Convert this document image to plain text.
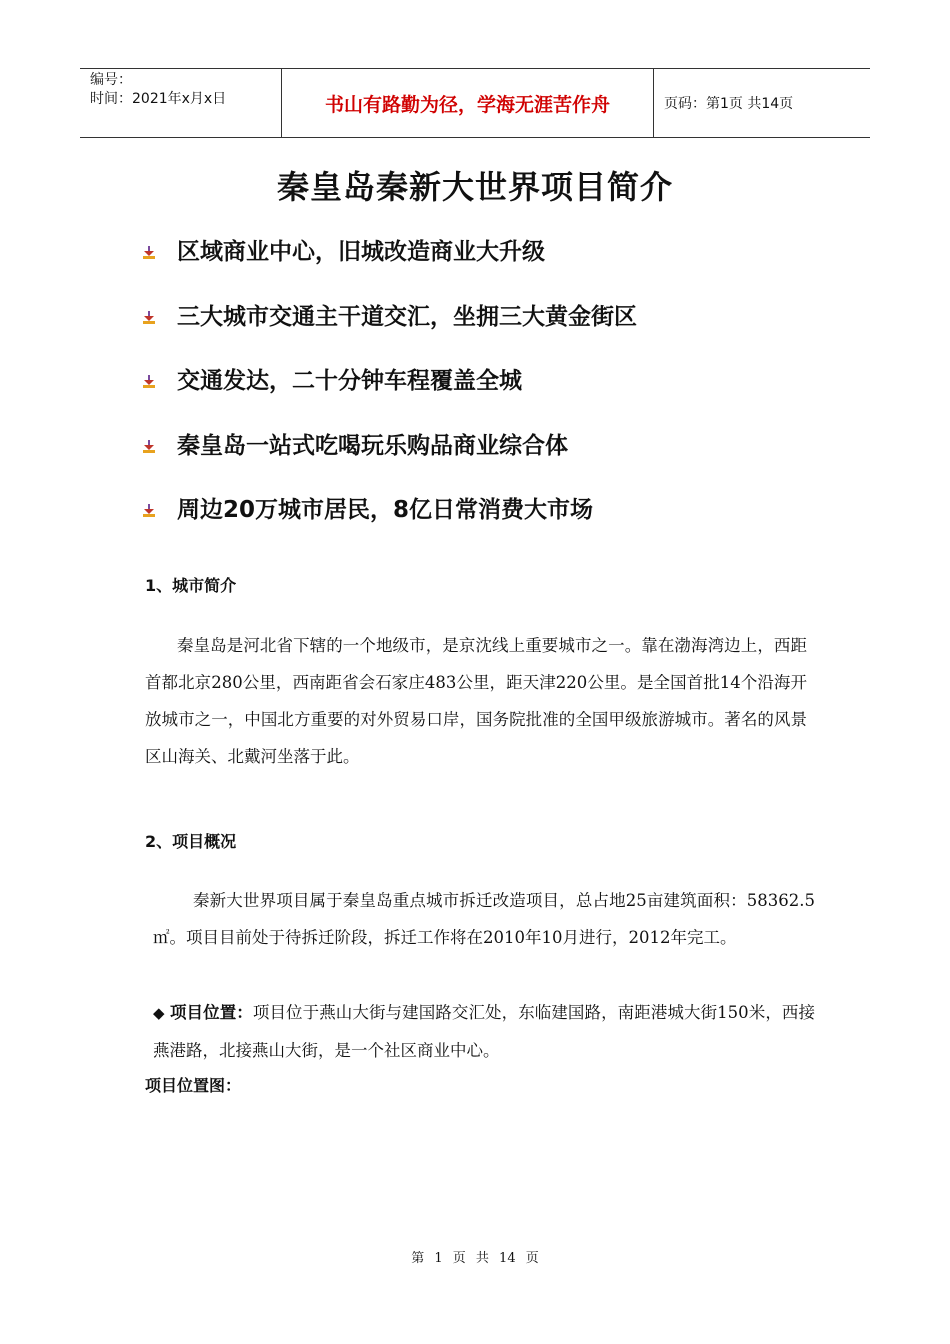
编号：
时间：2021年x月x日	书山有路勤为径，学海无涯苦作舟	页码：第1页 共14页
秦皇岛秦新大世界项目简介
区域商业中心，旧城改造商业大升级
三大城市交通主干道交汇，坐拥三大黄金街区
交通发达，二十分钟车程覆盖全城
秦皇岛一站式吃喝玩乐购品商业综合体
周边20万城市居民，8亿日常消费大市场
1、城市简介
秦皇岛是河北省下辖的一个地级市，是京沈线上重要城市之一。靠在渤海湾边上，西距首都北京280公里，西南距省会石家庄483公里，距天津220公里。是全国首批14个沿海开放城市之一，中国北方重要的对外贸易口岸，国务院批准的全国甲级旅游城市。著名的风景区山海关、北戴河坐落于此。
2、项目概况
秦新大世界项目属于秦皇岛重点城市拆迁改造项目，总占地25亩建筑面积：58362.5㎡。项目目前处于待拆迁阶段，拆迁工作将在2010年10月进行，2012年完工。
◆ 项目位置：项目位于燕山大街与建国路交汇处，东临建国路，南距港城大街150米，西接燕港路，北接燕山大街，是一个社区商业中心。
项目位置图：
第 1 页 共 14 页
